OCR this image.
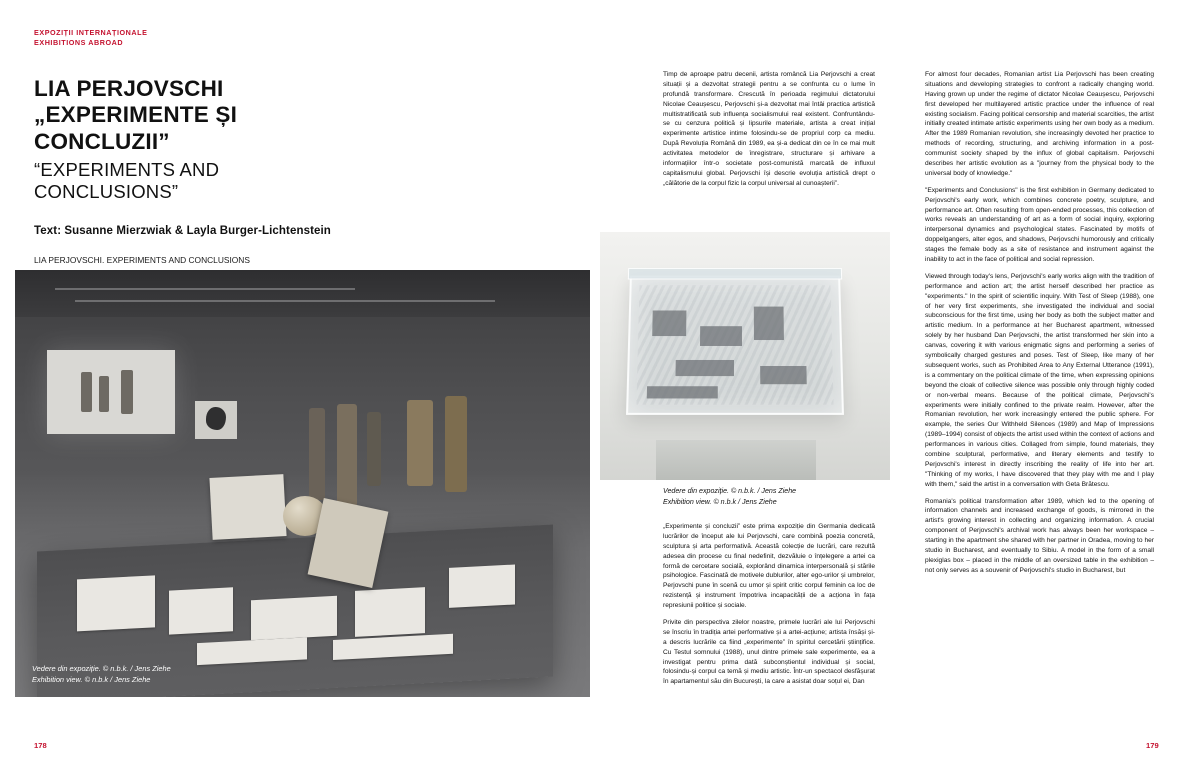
EXPOZIȚII INTERNAȚIONALE
EXHIBITIONS ABROAD
LIA PERJOVSCHI
„EXPERIMENTE ȘI CONCLUZII”
“EXPERIMENTS AND CONCLUSIONS”
Text: Susanne Mierzwiak & Layla Burger-Lichtenstein
LIA PERJOVSCHI. EXPERIMENTS AND CONCLUSIONS
Vedere din expoziție. © n.b.k. / Jens Ziehe
Exhibition view. © n.b.k / Jens Ziehe
178

Timp de aproape patru decenii, artista româncă Lia Perjovschi a creat situații și a dezvoltat strategii pentru a se confrunta cu o lume în profundă transformare. Crescută în perioada regimului dictatorului Nicolae Ceaușescu, Perjovschi și-a dezvoltat mai întâi practica artistică multistratificată sub influența socialismului real existent. Confruntându-se cu cenzura politică și lipsurile materiale, artista a creat inițial experimente artistice intime folosindu-se de propriul corp ca mediu. După Revoluția Română din 1989, ea și-a dedicat din ce în ce mai mult activitatea metodelor de înregistrare, structurare și arhivare a informațiilor într-o societate post-comunistă marcată de influxul capitalismului global. Perjovschi își descrie evoluția artistică drept o „călătorie de la corpul fizic la corpul universal al cunoașterii”.

Vedere din expoziție. © n.b.k. / Jens Ziehe
Exhibition view. © n.b.k / Jens Ziehe

„Experimente și concluzii” este prima expoziție din Germania dedicată lucrărilor de început ale lui Perjovschi, care combină poezia concretă, sculptura și arta performativă. Această colecție de lucrări, care rezultă adesea din procese cu final nedefinit, dezvăluie o înțelegere a artei ca formă de cercetare socială, explorând dinamica interpersonală și stările psihologice. Fascinată de motivele dublurilor, alter ego-urilor și umbrelor, Perjovschi pune în scenă cu umor și spirit critic corpul feminin ca loc de rezistență și instrument împotriva incapacității de a acționa în fața represiunii politice și sociale.

Privite din perspectiva zilelor noastre, primele lucrări ale lui Perjovschi se înscriu în tradiția artei performative și a artei-acțiune; artista însăși și-a descris lucrările ca fiind „experimente” în spiritul cercetării științifice. Cu Testul somnului (1988), unul dintre primele sale experimente, ea a investigat pentru prima dată subconștientul individual și social, folosindu-și corpul ca temă și mediu artistic. Într-un spectacol desfășurat în apartamentul său din București, la care a asistat doar soțul ei, Dan

For almost four decades, Romanian artist Lia Perjovschi has been creating situations and developing strategies to confront a radically changing world. Having grown up under the regime of dictator Nicolae Ceaușescu, Perjovschi first developed her multilayered artistic practice under the influence of real existing socialism. Facing political censorship and material scarcities, the artist initially created intimate artistic experiments using her own body as a medium. After the 1989 Romanian revolution, she increasingly devoted her practice to methods of recording, structuring, and archiving information in a post-communist society shaped by the influx of global capitalism. Perjovschi describes her artistic evolution as a "journey from the physical body to the universal body of knowledge."

"Experiments and Conclusions" is the first exhibition in Germany dedicated to Perjovschi's early work, which combines concrete poetry, sculpture, and performance art. Often resulting from open-ended processes, this collection of works reveals an understanding of art as a form of social inquiry, exploring interpersonal dynamics and psychological states. Fascinated by motifs of doppelgangers, alter egos, and shadows, Perjovschi humorously and critically stages the female body as a site of resistance and instrument against the inability to act in the face of political and social repression.

Viewed through today's lens, Perjovschi's early works align with the tradition of performance and action art; the artist herself described her practice as "experiments." In the spirit of scientific inquiry. With Test of Sleep (1988), one of her very first experiments, she investigated the individual and social subconscious for the first time, using her body as both the subject matter and artistic medium. In a performance at her Bucharest apartment, witnessed solely by her husband Dan Perjovschi, the artist transformed her skin into a canvas, covering it with various enigmatic signs and performing a series of symbolically charged gestures and poses. Test of Sleep, like many of her subsequent works, such as Prohibited Area to Any External Utterance (1991), is a commentary on the political climate of the time, when expressing opinions beyond the cloak of collective silence was possible only through highly coded or non-verbal means. Because of the political climate, Perjovschi's experiments were initially confined to the private realm. However, after the Romanian revolution, her work increasingly entered the public sphere. For example, the series Our Withheld Silences (1989) and Map of Impressions (1989–1994) consist of objects the artist used within the context of actions and performances in various cities. Collaged from simple, found materials, they combine sculptural, performative, and literary elements and testify to Perjovschi's interest in directly inscribing the reality of life into her art. "Thinking of my works, I have discovered that they play with me and I play with them," said the artist in a conversation with Geta Brătescu.

Romania's political transformation after 1989, which led to the opening of information channels and increased exchange of goods, is mirrored in the artist's growing interest in collecting and organizing information. A crucial component of Perjovschi's archival work has always been her workspace – starting in the apartment she shared with her partner in Oradea, moving to her studio in Bucharest, and eventually to Sibiu. A model in the form of a small plexiglas box – placed in the middle of an oversized table in the exhibition – not only serves as a souvenir of Perjovschi's studio in Bucharest, but

179
